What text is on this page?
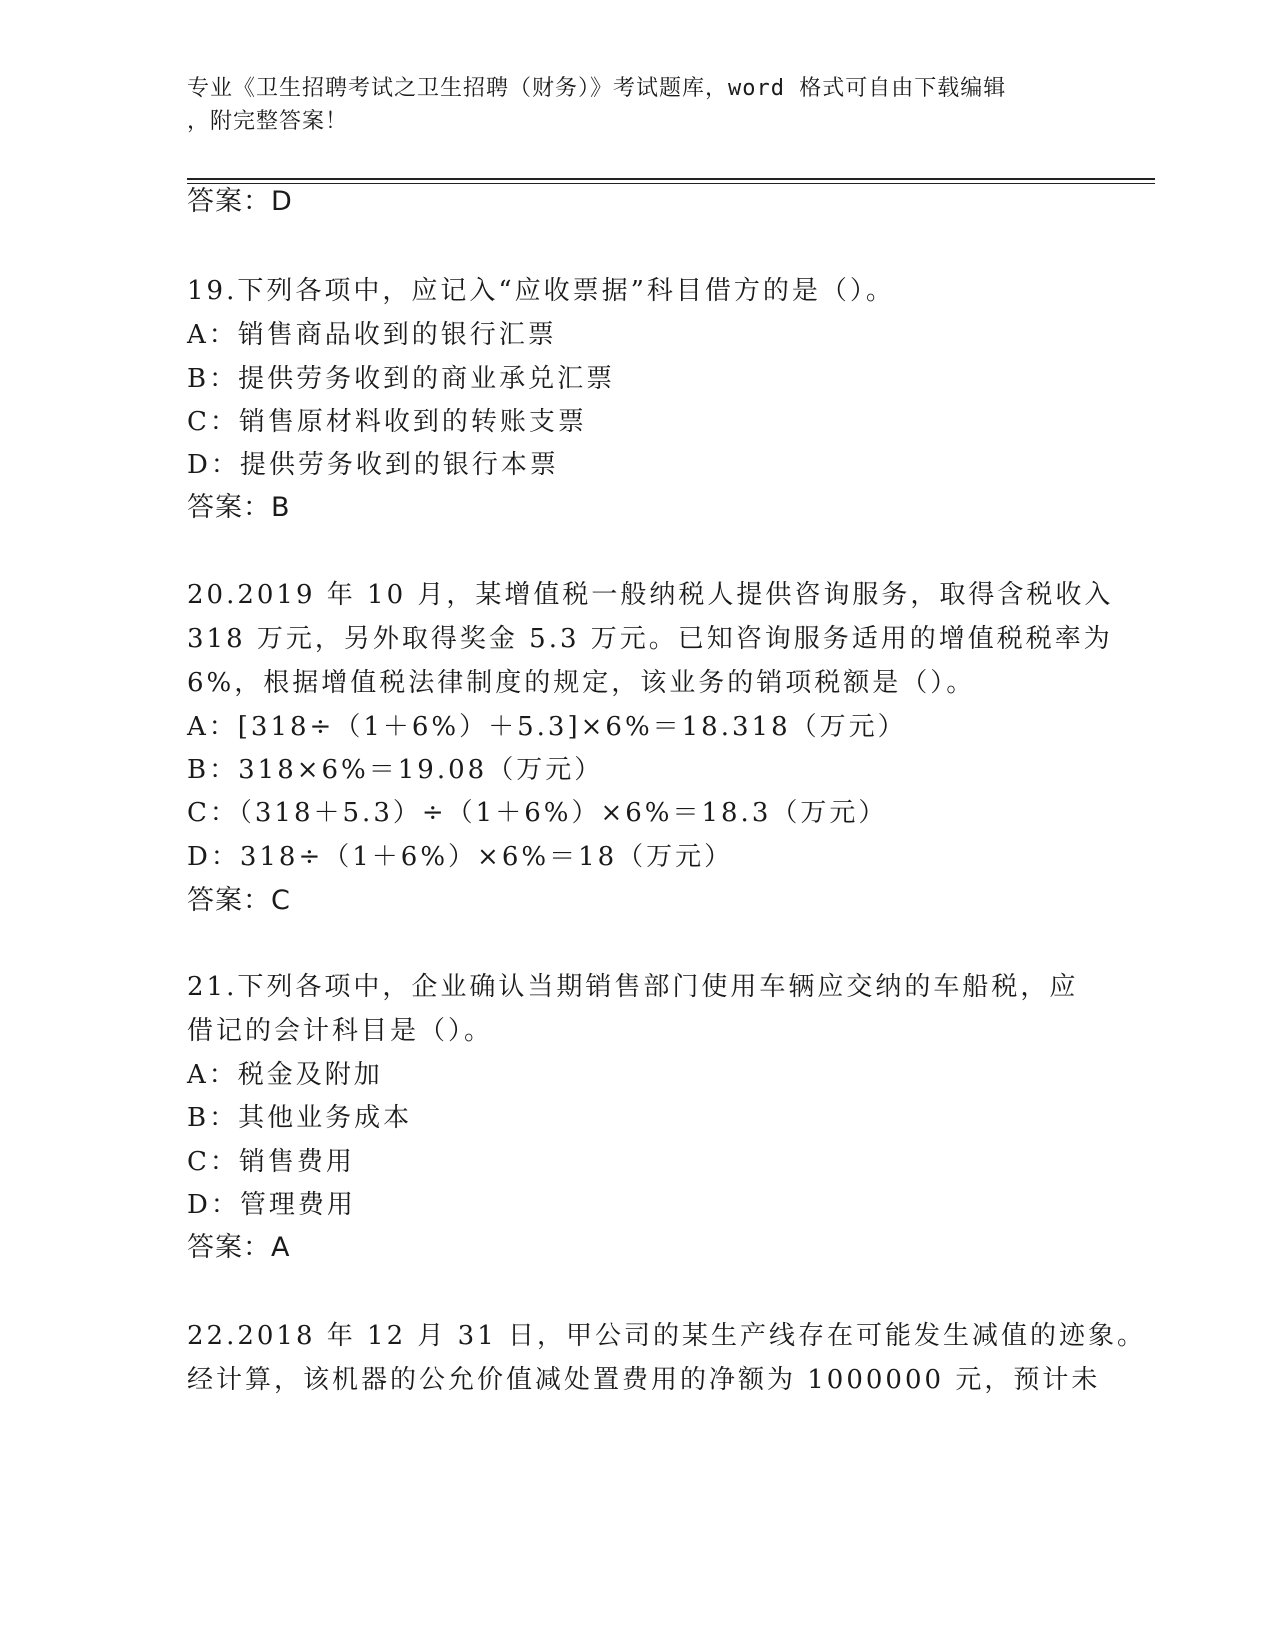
专业《卫生招聘考试之卫生招聘（财务）》考试题库，word 格式可自由下载编辑
，附完整答案！
答案：D
19.下列各项中，应记入“应收票据”科目借方的是（）。
A：销售商品收到的银行汇票
B：提供劳务收到的商业承兑汇票
C：销售原材料收到的转账支票
D：提供劳务收到的银行本票
答案：B
20.2019 年 10 月，某增值税一般纳税人提供咨询服务，取得含税收入
318 万元，另外取得奖金 5.3 万元。已知咨询服务适用的增值税税率为
6%，根据增值税法律制度的规定，该业务的销项税额是（）。
A：[318÷（1＋6%）＋5.3]×6%＝18.318（万元）
B：318×6%＝19.08（万元）
C：（318＋5.3）÷（1＋6%）×6%＝18.3（万元）
D：318÷（1＋6%）×6%＝18（万元）
答案：C
21.下列各项中，企业确认当期销售部门使用车辆应交纳的车船税，应
借记的会计科目是（）。
A：税金及附加
B：其他业务成本
C：销售费用
D：管理费用
答案：A
22.2018 年 12 月 31 日，甲公司的某生产线存在可能发生减值的迹象。
经计算，该机器的公允价值减处置费用的净额为 1000000 元，预计未
